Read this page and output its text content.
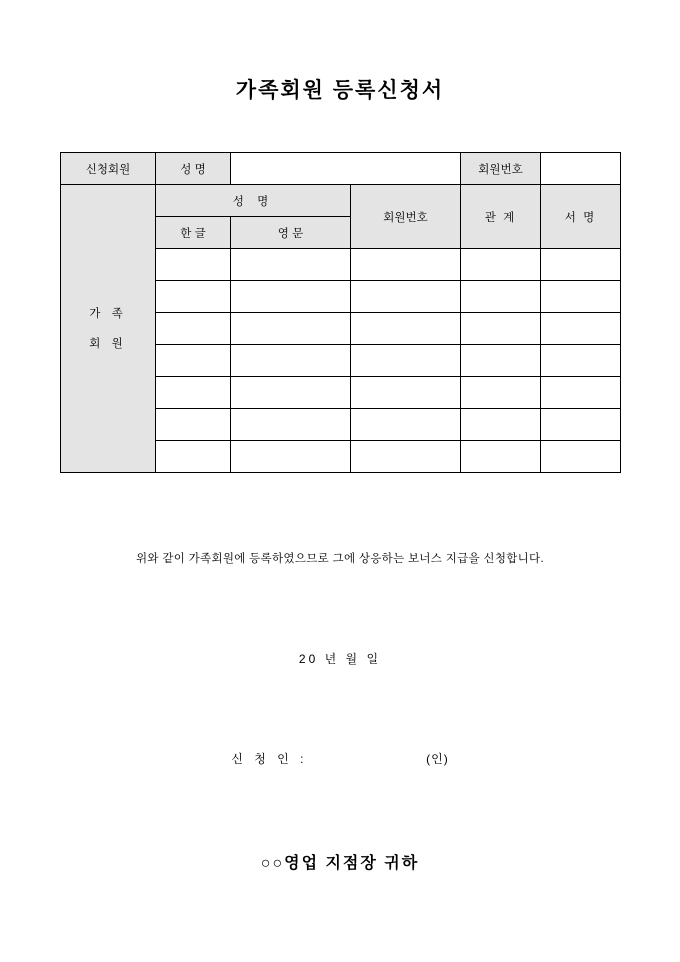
가족회원 등록신청서
신청회원	성 명			회원번호	

가 족
회 원	성 명		회원번호	관 계	서 명
	한 글	영 문			

위와 같이 가족회원에 등록하였으므로 그에 상응하는 보너스 지급을 신청합니다.
20 년 월 일
신 청 인 :	(인)
○○영업 지점장 귀하
